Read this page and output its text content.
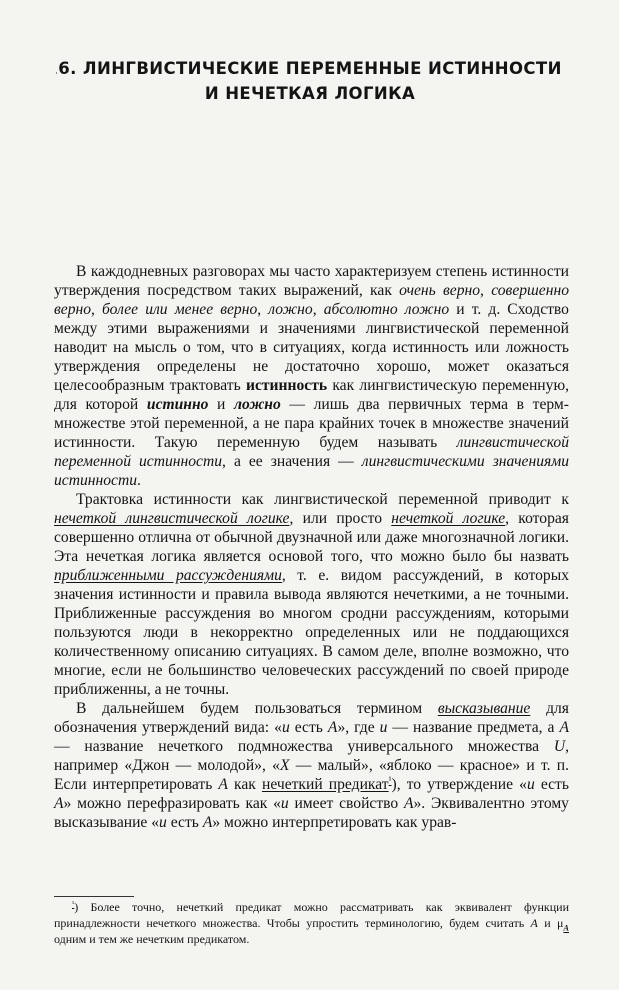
6. ЛИНГВИСТИЧЕСКИЕ ПЕРЕМЕННЫЕ ИСТИННОСТИ
И НЕЧЕТКАЯ ЛОГИКА

В каждодневных разговорах мы часто характеризуем степень истинности утверждения посредством таких выражений, как очень верно, совершенно верно, более или менее верно, ложно, абсолютно ложно и т. д. Сходство между этими выражениями и значениями лингвистической переменной наводит на мысль о том, что в ситуациях, когда истинность или ложность утверждения определены не достаточно хорошо, может оказаться целесообразным трактовать истинность как лингвистическую переменную, для которой истинно и ложно — лишь два первичных терма в терм-множестве этой переменной, а не пара крайних точек в множестве значений истинности. Такую переменную будем называть лингвистической переменной истинности, а ее значения — лингвистическими значениями истинности.

Трактовка истинности как лингвистической переменной приводит к нечеткой лингвистической логике, или просто нечеткой логике, которая совершенно отлична от обычной двузначной или даже многозначной логики. Эта нечеткая логика является основой того, что можно было бы назвать приближенными рассуждениями, т. е. видом рассуждений, в которых значения истинности и правила вывода являются нечеткими, а не точными. Приближенные рассуждения во многом сродни рассуждениям, которыми пользуются люди в некорректно определенных или не поддающихся количественному описанию ситуациях. В самом деле, вполне возможно, что многие, если не большинство человеческих рассуждений по своей природе приближенны, а не точны.

В дальнейшем будем пользоваться термином высказывание для обозначения утверждений вида: «u есть A», где u — название предмета, а A — название нечеткого подмножества универсального множества U, например «Джон — молодой», «X — малый», «яблоко — красное» и т. п. Если интерпретировать A как нечеткий предикат$^{^1}$), то утверждение «u есть A» можно перефразировать как «u имеет свойство A». Эквивалентно этому высказывание «u есть A» можно интерпретировать как урав-

$^{^1}$) Более точно, нечеткий предикат можно рассматривать как эквивалент функции принадлежности нечеткого множества. Чтобы упростить терминологию, будем считать A и $\mu_A$ одним и тем же нечетким предикатом.
